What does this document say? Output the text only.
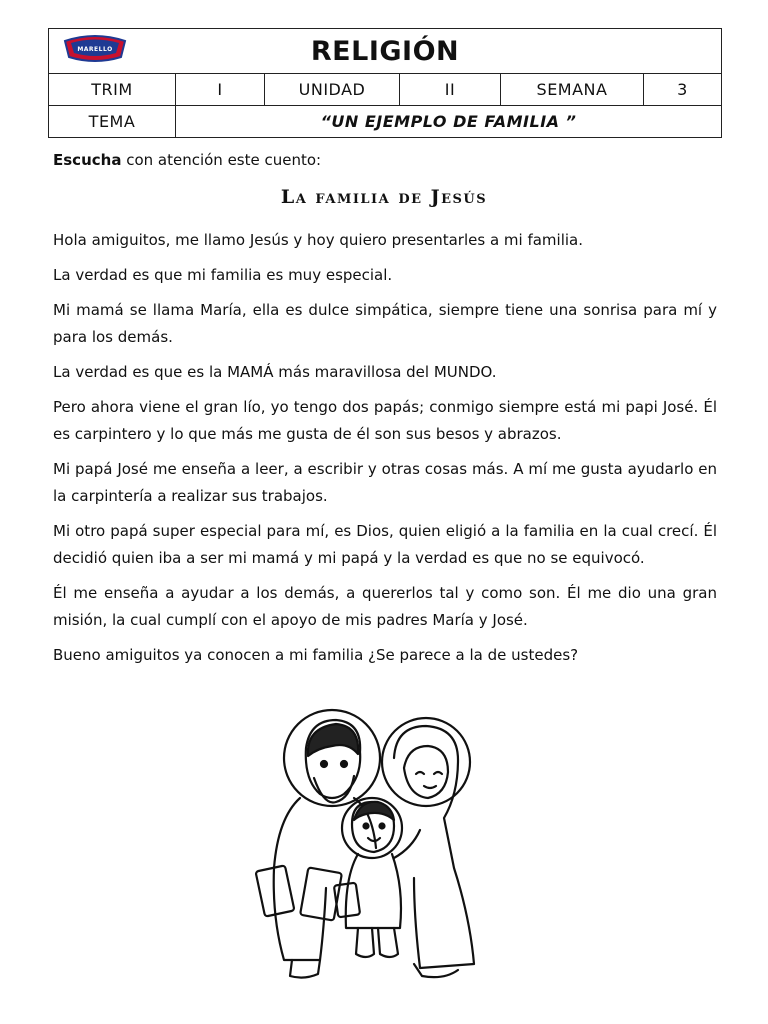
MARELLO RELIGIÓN					
TRIM	I	UNIDAD	II	SEMANA	3
TEMA	“UN EJEMPLO DE FAMILIA ”				
Escucha con atención este cuento:
La familia de Jesús

Hola amiguitos, me llamo Jesús y hoy quiero presentarles a mi familia.

La verdad es que mi familia es muy especial.

Mi mamá se llama María, ella es dulce simpática, siempre tiene una sonrisa para mí y para los demás.

La verdad es que es la MAMÁ más maravillosa del MUNDO.

Pero ahora viene el gran lío, yo tengo dos papás; conmigo siempre está mi papi José. Él es carpintero y lo que más me gusta de él son sus besos y abrazos.

Mi papá José me enseña a leer, a escribir y otras cosas más. A mí me gusta ayudarlo en la carpintería a realizar sus trabajos.

Mi otro papá super especial para mí, es Dios, quien eligió a la familia en la cual crecí. Él decidió quien iba a ser mi mamá y mi papá y la verdad es que no se equivocó.

Él me enseña a ayudar a los demás, a quererlos tal y como son. Él me dio una gran misión, la cual cumplí con el apoyo de mis padres María y José.

Bueno amiguitos ya conocen a mi familia ¿Se parece a la de ustedes?
